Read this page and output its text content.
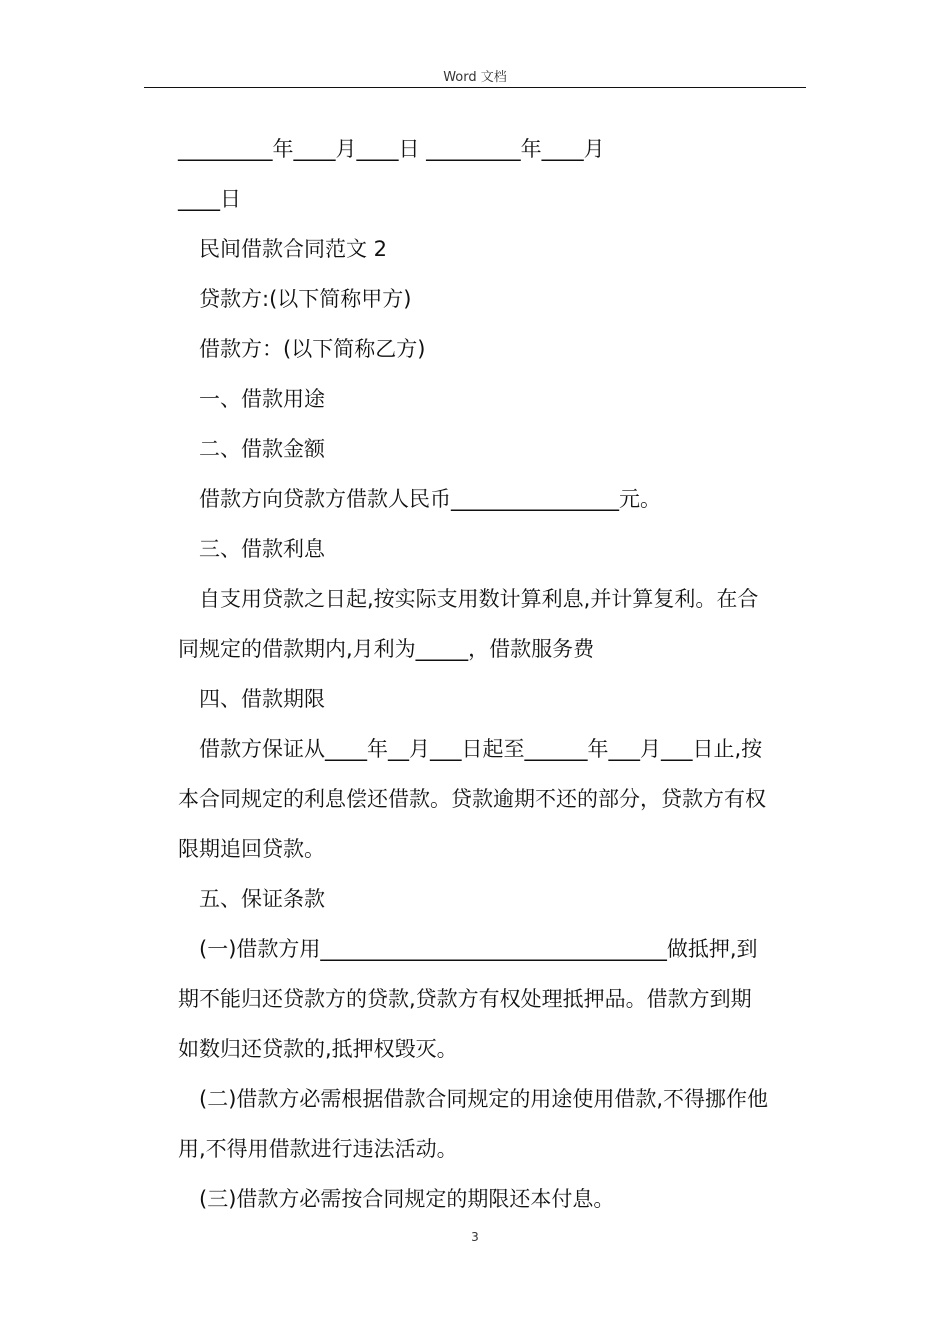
Word 文档

_________年____月____日 _________年____月

____日

民间借款合同范文 2

贷款方:(以下简称甲方)

借款方：(以下简称乙方)

一、借款用途

二、借款金额

借款方向贷款方借款人民币________________元。

三、借款利息

自支用贷款之日起,按实际支用数计算利息,并计算复利。在合

同规定的借款期内,月利为_____，借款服务费

四、借款期限

借款方保证从____年__月___日起至______年___月___日止,按

本合同规定的利息偿还借款。贷款逾期不还的部分，贷款方有权

限期追回贷款。

五、保证条款

(一)借款方用_________________________________做抵押,到

期不能归还贷款方的贷款,贷款方有权处理抵押品。借款方到期

如数归还贷款的,抵押权毁灭。

(二)借款方必需根据借款合同规定的用途使用借款,不得挪作他

用,不得用借款进行违法活动。

(三)借款方必需按合同规定的期限还本付息。

3
